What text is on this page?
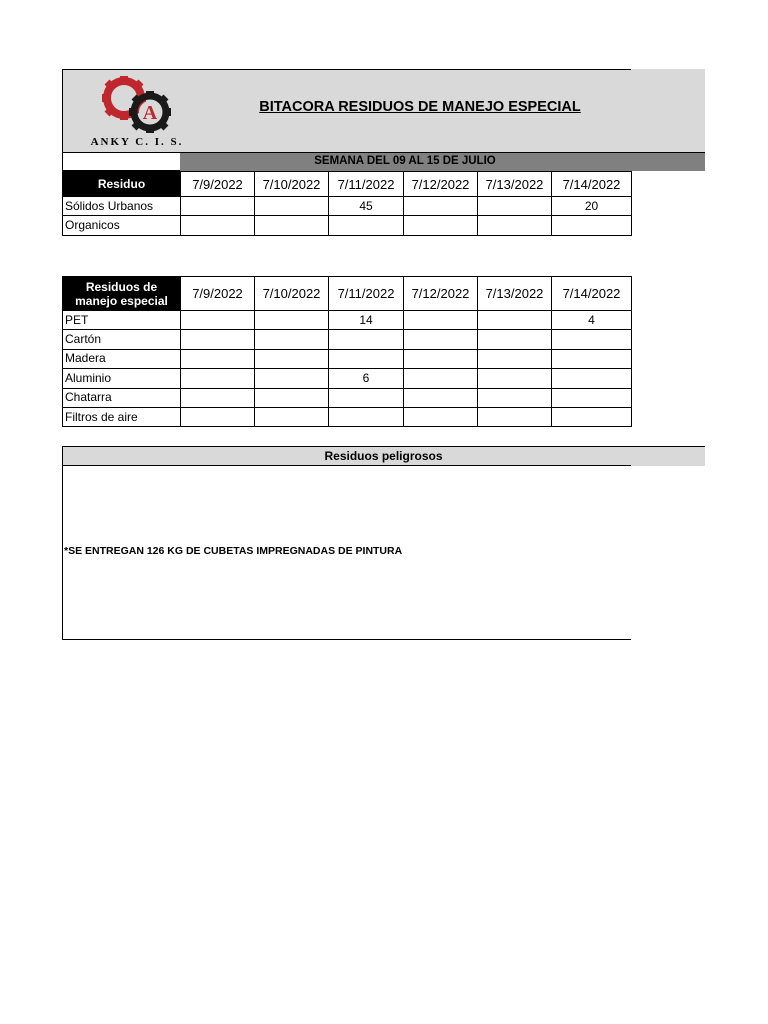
A
ANKY C. I. S.
BITACORA RESIDUOS DE MANEJO ESPECIAL
SEMANA DEL 09 AL 15 DE JULIO
Residuo	7/9/2022	7/10/2022	7/11/2022	7/12/2022	7/13/2022	7/14/2022
Sólidos Urbanos			45			20
Organicos						
Residuos de manejo especial	7/9/2022	7/10/2022	7/11/2022	7/12/2022	7/13/2022	7/14/2022
PET			14			4
Cartón						
Madera						
Aluminio			6			
Chatarra						
Filtros de aire						
Residuos peligrosos
*SE ENTREGAN 126 KG DE CUBETAS IMPREGNADAS DE PINTURA
